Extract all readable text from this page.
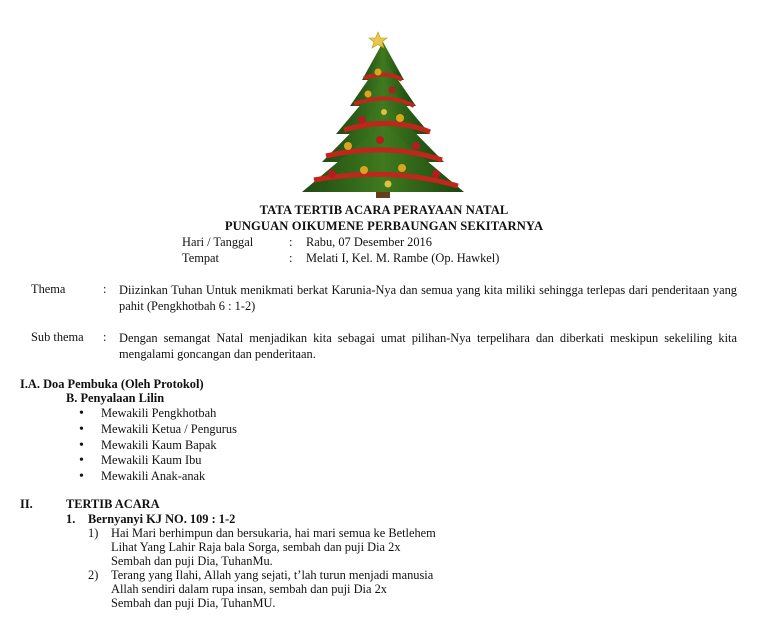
TATA TERTIB ACARA PERAYAAN NATAL
PUNGUAN OIKUMENE PERBAUNGAN SEKITARNYA
Hari / Tanggal	: Rabu, 07 Desember 2016
Tempat	: Melati I, Kel. M. Rambe (Op. Hawkel)
Thema	: Diizinkan Tuhan Untuk menikmati berkat Karunia-Nya dan semua yang kita miliki sehingga terlepas dari penderitaan yang pahit (Pengkhotbah 6 : 1-2)
Sub thema : Dengan semangat Natal menjadikan kita sebagai umat pilihan-Nya terpelihara dan diberkati meskipun sekeliling kita mengalami goncangan dan penderitaan.
I.A. Doa Pembuka (Oleh Protokol)
B. Penyalaan Lilin
• Mewakili Pengkhotbah
• Mewakili Ketua / Pengurus
• Mewakili Kaum Bapak
• Mewakili Kaum Ibu
• Mewakili Anak-anak
II.	TERTIB ACARA
1. Bernyanyi KJ NO. 109 : 1-2
1) Hai Mari berhimpun dan bersukaria, hai mari semua ke Betlehem
Lihat Yang Lahir Raja bala Sorga, sembah dan puji Dia 2x
Sembah dan puji Dia, TuhanMu.
2) Terang yang Ilahi, Allah yang sejati, t’lah turun menjadi manusia
Allah sendiri dalam rupa insan, sembah dan puji Dia 2x
Sembah dan puji Dia, TuhanMU.
